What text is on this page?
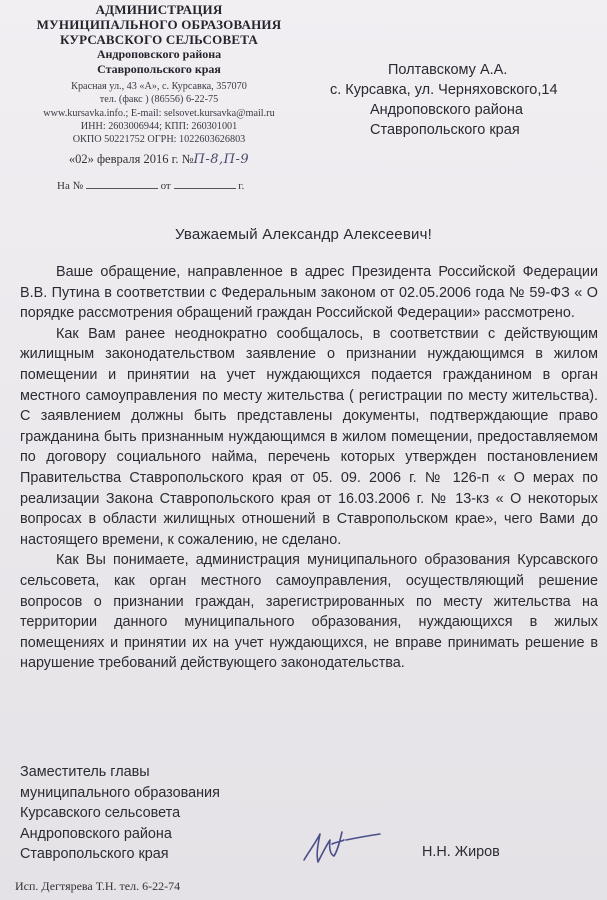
АДМИНИСТРАЦИЯ
МУНИЦИПАЛЬНОГО ОБРАЗОВАНИЯ
КУРСАВСКОГО СЕЛЬСОВЕТА
Андроповского района
Ставропольского края
Красная ул., 43 «А», с. Курсавка, 357070
тел. (факс ) (86556) 6-22-75
www.kursavka.info.; E-mail: selsovet.kursavka@mail.ru
ИНН: 2603006944; КПП: 260301001
ОКПО 50221752 ОГРН: 1022603626803
«02» февраля 2016 г. №П-8,П-9
На №	от	г.
Полтавскому А.А.
с. Курсавка, ул. Черняховского,14
Андроповского района
Ставропольского края
Уважаемый Александр Алексеевич!

Ваше обращение, направленное в адрес Президента Российской Федерации В.В. Путина в соответствии с Федеральным законом от 02.05.2006 года № 59-ФЗ « О порядке рассмотрения обращений граждан Российской Федерации» рассмотрено.

Как Вам ранее неоднократно сообщалось, в соответствии с действующим жилищным законодательством заявление о признании нуждающимся в жилом помещении и принятии на учет нуждающихся подается гражданином в орган местного самоуправления по месту жительства ( регистрации по месту жительства). С заявлением должны быть представлены документы, подтверждающие право гражданина быть признанным нуждающимся в жилом помещении, предоставляемом по договору социального найма, перечень которых утвержден постановлением Правительства Ставропольского края от 05. 09. 2006 г. № 126-п « О мерах по реализации Закона Ставропольского края от 16.03.2006 г. № 13-кз « О некоторых вопросах в области жилищных отношений в Ставропольском крае», чего Вами до настоящего времени, к сожалению, не сделано.

Как Вы понимаете, администрация муниципального образования Курсавского сельсовета, как орган местного самоуправления, осуществляющий решение вопросов о признании граждан, зарегистрированных по месту жительства на территории данного муниципального образования, нуждающихся в жилых помещениях и принятии их на учет нуждающихся, не вправе принимать решение в нарушение требований действующего законодательства.

Заместитель главы
муниципального образования
Курсавского сельсовета
Андроповского района
Ставропольского края	Н.Н. Жиров
Исп. Дегтярева Т.Н. тел. 6-22-74
